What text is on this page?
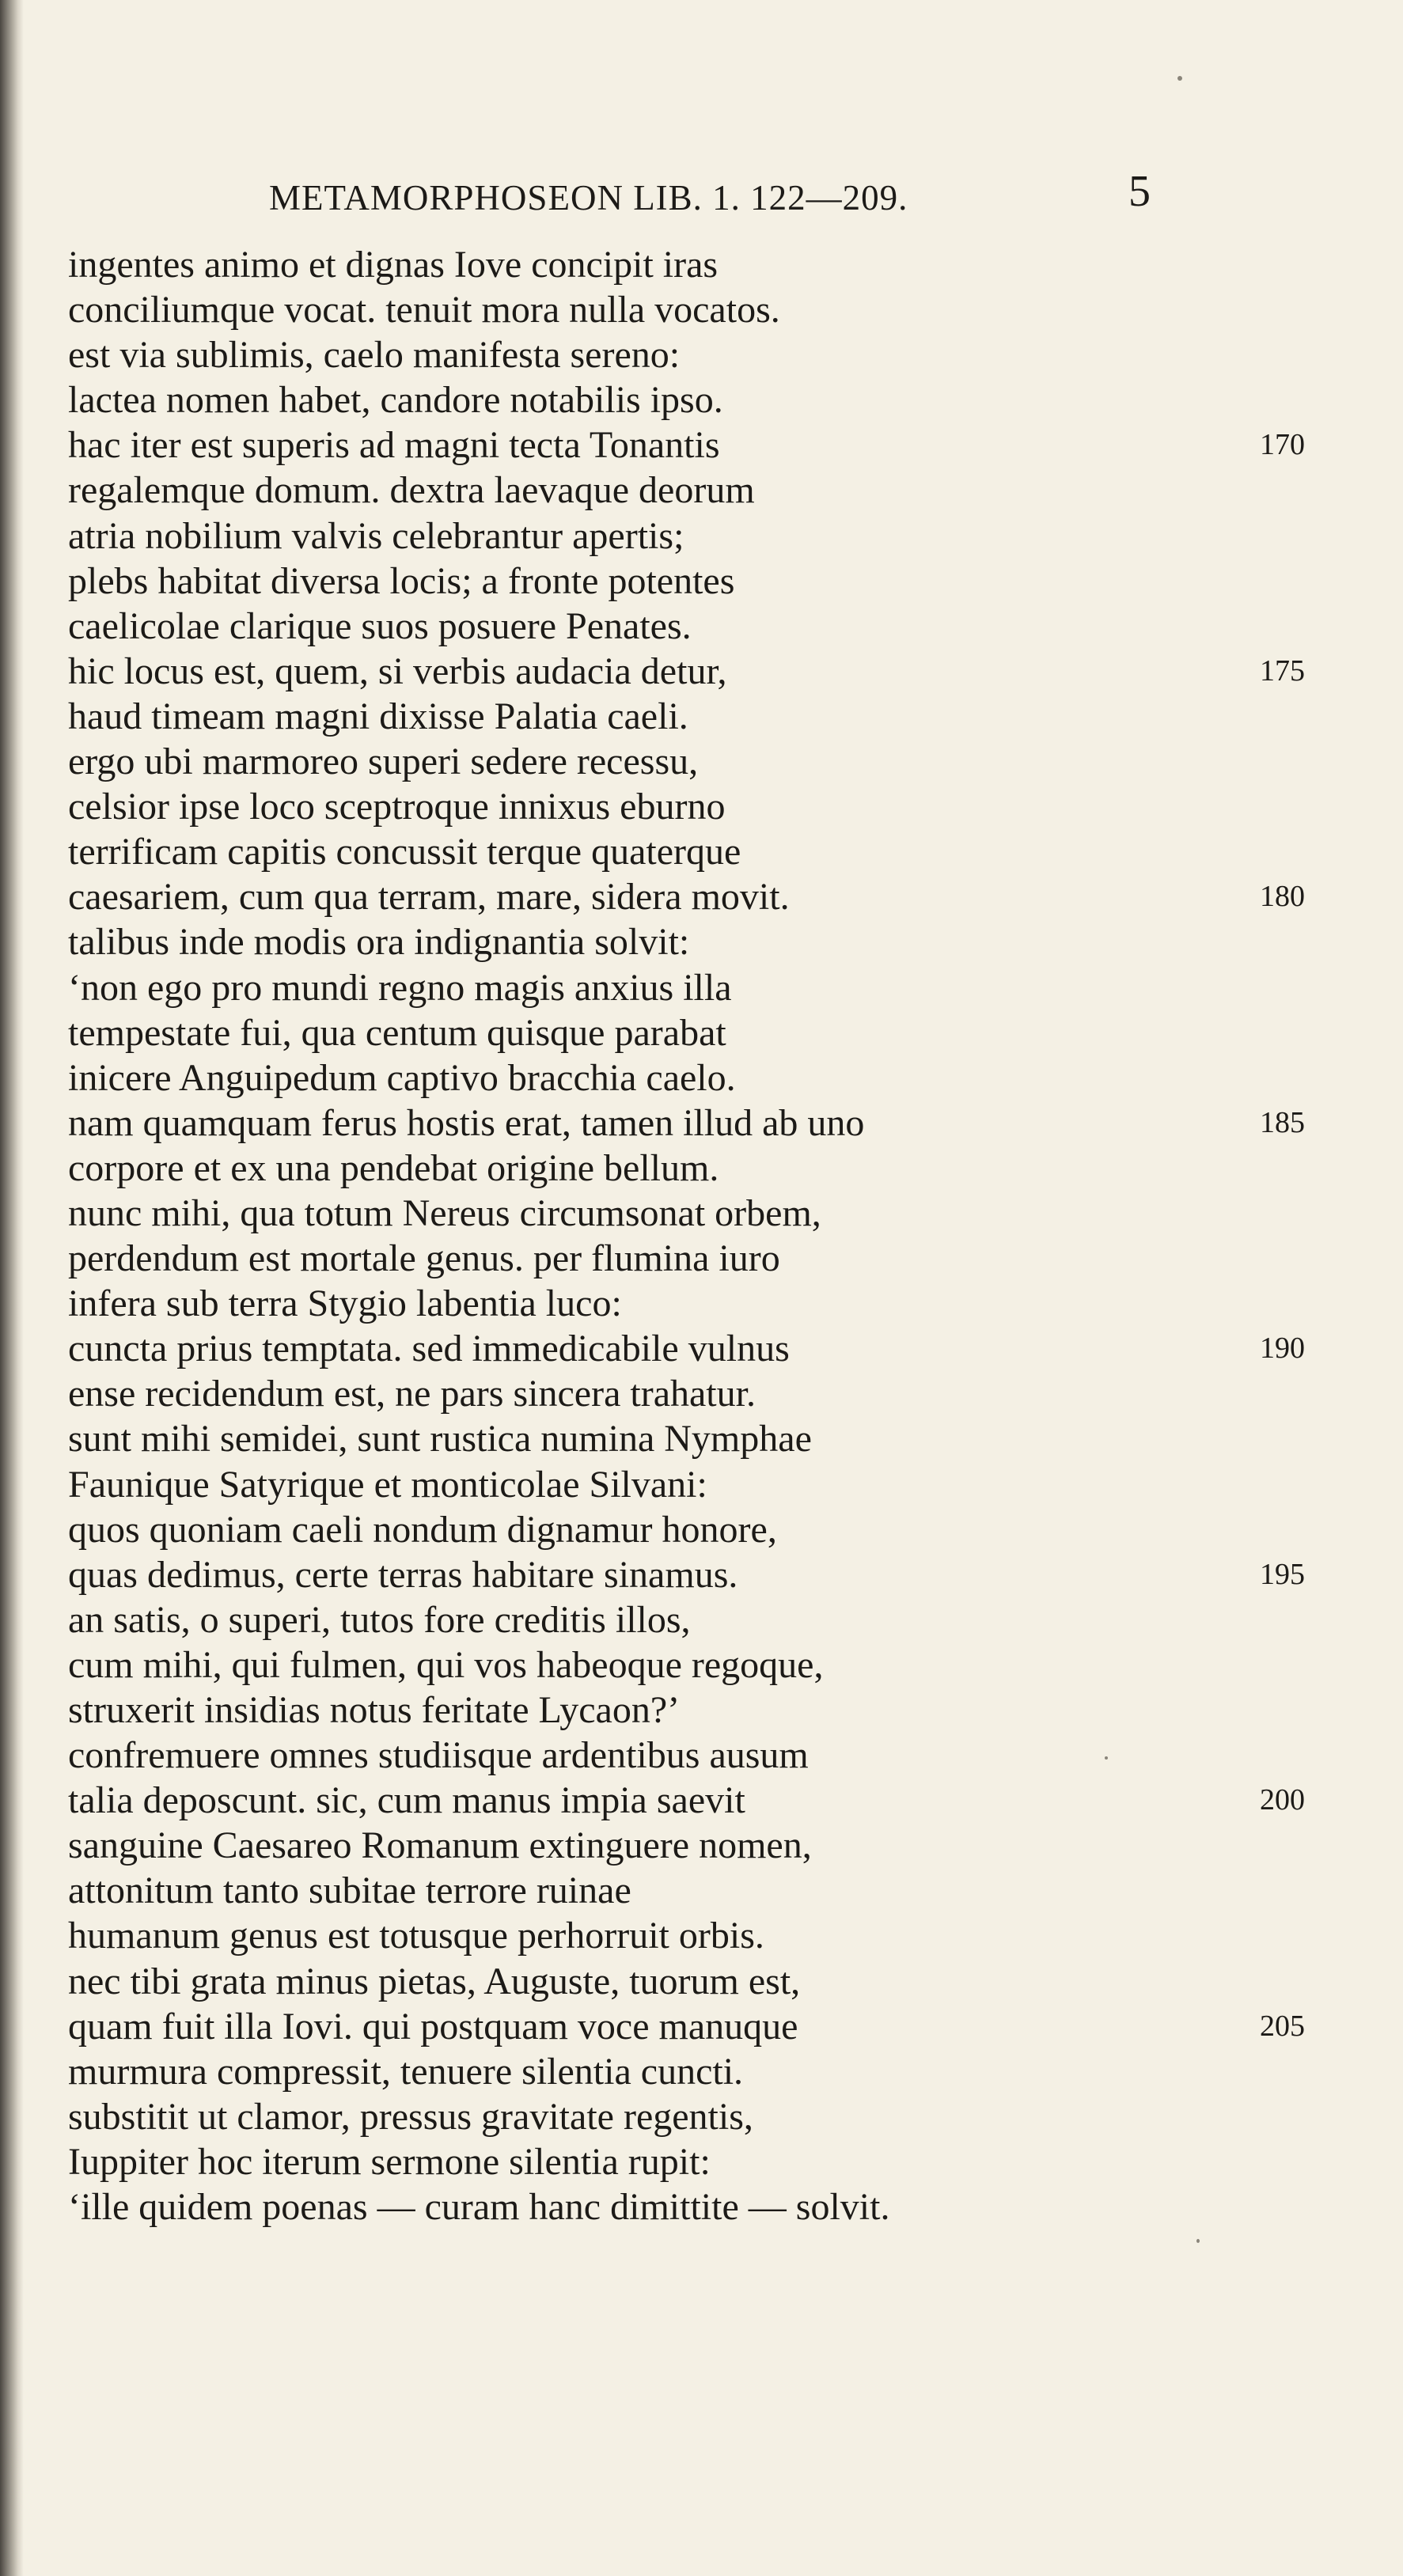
METAMORPHOSEON LIB. 1. 122—209.	5
ingentes animo et dignas Iove concipit iras
conciliumque vocat. tenuit mora nulla vocatos.
est via sublimis, caelo manifesta sereno:
lactea nomen habet, candore notabilis ipso.
hac iter est superis ad magni tecta Tonantis	170
regalemque domum. dextra laevaque deorum
atria nobilium valvis celebrantur apertis;
plebs habitat diversa locis; a fronte potentes
caelicolae clarique suos posuere Penates.
hic locus est, quem, si verbis audacia detur,	175
haud timeam magni dixisse Palatia caeli.
ergo ubi marmoreo superi sedere recessu,
celsior ipse loco sceptroque innixus eburno
terrificam capitis concussit terque quaterque
caesariem, cum qua terram, mare, sidera movit.	180
talibus inde modis ora indignantia solvit:
‘non ego pro mundi regno magis anxius illa
tempestate fui, qua centum quisque parabat
inicere Anguipedum captivo bracchia caelo.
nam quamquam ferus hostis erat, tamen illud ab uno	185
corpore et ex una pendebat origine bellum.
nunc mihi, qua totum Nereus circumsonat orbem,
perdendum est mortale genus. per flumina iuro
infera sub terra Stygio labentia luco:
cuncta prius temptata. sed immedicabile vulnus	190
ense recidendum est, ne pars sincera trahatur.
sunt mihi semidei, sunt rustica numina Nymphae
Faunique Satyrique et monticolae Silvani:
quos quoniam caeli nondum dignamur honore,
quas dedimus, certe terras habitare sinamus.	195
an satis, o superi, tutos fore creditis illos,
cum mihi, qui fulmen, qui vos habeoque regoque,
struxerit insidias notus feritate Lycaon?’
confremuere omnes studiisque ardentibus ausum
talia deposcunt. sic, cum manus impia saevit	200
sanguine Caesareo Romanum extinguere nomen,
attonitum tanto subitae terrore ruinae
humanum genus est totusque perhorruit orbis.
nec tibi grata minus pietas, Auguste, tuorum est,
quam fuit illa Iovi. qui postquam voce manuque	205
murmura compressit, tenuere silentia cuncti.
substitit ut clamor, pressus gravitate regentis,
Iuppiter hoc iterum sermone silentia rupit:
‘ille quidem poenas — curam hanc dimittite — solvit.
